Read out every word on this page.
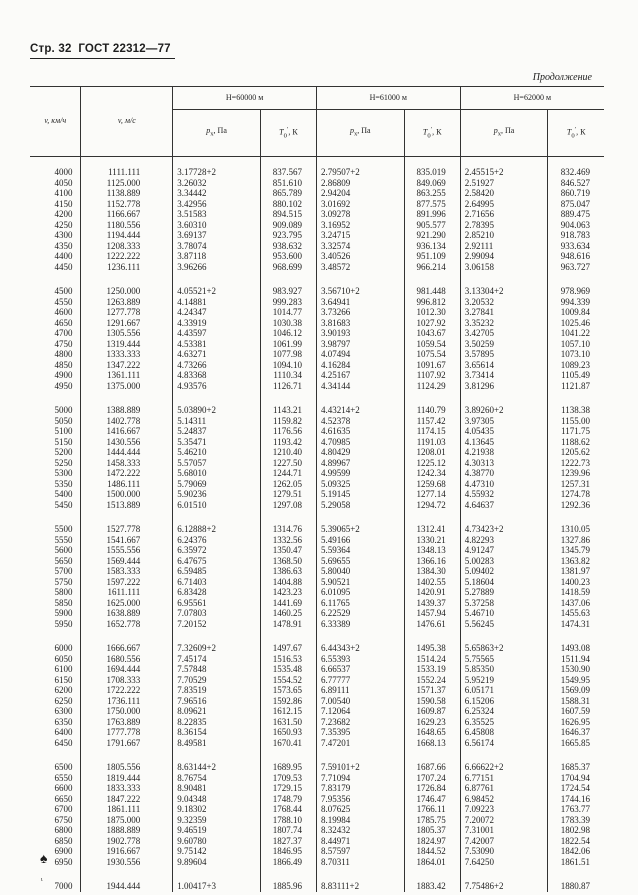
Стр. 32 ГОСТ 22312—77
Продолжение
v, км/ч	v, м/с	H=60000 м		H=61000 м		H=62000 м	
		$p_x$, Па	$T_0'$, К	$p_x$, Па	$T_0'$, К	$p_x$, Па	$T_0'$, К
4000	1111.111	3.17728+2	837.567	2.79507+2	835.019	2.45515+2	832.469
4050	1125.000	3.26032	851.610	2.86809	849.069	2.51927	846.527
4100	1138.889	3.34442	865.789	2.94204	863.255	2.58420	860.719
4150	1152.778	3.42956	880.102	3.01692	877.575	2.64995	875.047
4200	1166.667	3.51583	894.515	3.09278	891.996	2.71656	889.475
4250	1180.556	3.60310	909.089	3.16952	905.577	2.78395	904.063
4300	1194.444	3.69137	923.795	3.24715	921.290	2.85210	918.783
4350	1208.333	3.78074	938.632	3.32574	936.134	2.92111	933.634
4400	1222.222	3.87118	953.600	3.40526	951.109	2.99094	948.616
4450	1236.111	3.96266	968.699	3.48572	966.214	3.06158	963.727
4500	1250.000	4.05521+2	983.927	3.56710+2	981.448	3.13304+2	978.969
4550	1263.889	4.14881	999.283	3.64941	996.812	3.20532	994.339
4600	1277.778	4.24347	1014.77	3.73266	1012.30	3.27841	1009.84
4650	1291.667	4.33919	1030.38	3.81683	1027.92	3.35232	1025.46
4700	1305.556	4.43597	1046.12	3.90193	1043.67	3.42705	1041.22
4750	1319.444	4.53381	1061.99	3.98797	1059.54	3.50259	1057.10
4800	1333.333	4.63271	1077.98	4.07494	1075.54	3.57895	1073.10
4850	1347.222	4.73266	1094.10	4.16284	1091.67	3.65614	1089.23
4900	1361.111	4.83368	1110.34	4.25167	1107.92	3.73414	1105.49
4950	1375.000	4.93576	1126.71	4.34144	1124.29	3.81296	1121.87
5000	1388.889	5.03890+2	1143.21	4.43214+2	1140.79	3.89260+2	1138.38
5050	1402.778	5.14311	1159.82	4.52378	1157.42	3.97305	1155.00
5100	1416.667	5.24837	1176.56	4.61635	1174.15	4.05435	1171.75
5150	1430.556	5.35471	1193.42	4.70985	1191.03	4.13645	1188.62
5200	1444.444	5.46210	1210.40	4.80429	1208.01	4.21938	1205.62
5250	1458.333	5.57057	1227.50	4.89967	1225.12	4.30313	1222.73
5300	1472.222	5.68010	1244.71	4.99599	1242.34	4.38770	1239.96
5350	1486.111	5.79069	1262.05	5.09325	1259.68	4.47310	1257.31
5400	1500.000	5.90236	1279.51	5.19145	1277.14	4.55932	1274.78
5450	1513.889	6.01510	1297.08	5.29058	1294.72	4.64637	1292.36
5500	1527.778	6.12888+2	1314.76	5.39065+2	1312.41	4.73423+2	1310.05
5550	1541.667	6.24376	1332.56	5.49166	1330.21	4.82293	1327.86
5600	1555.556	6.35972	1350.47	5.59364	1348.13	4.91247	1345.79
5650	1569.444	6.47675	1368.50	5.69655	1366.16	5.00283	1363.82
5700	1583.333	6.59485	1386.63	5.80040	1384.30	5.09402	1381.97
5750	1597.222	6.71403	1404.88	5.90521	1402.55	5.18604	1400.23
5800	1611.111	6.83428	1423.23	6.01095	1420.91	5.27889	1418.59
5850	1625.000	6.95561	1441.69	6.11765	1439.37	5.37258	1437.06
5900	1638.889	7.07803	1460.25	6.22529	1457.94	5.46710	1455.63
5950	1652.778	7.20152	1478.91	6.33389	1476.61	5.56245	1474.31
6000	1666.667	7.32609+2	1497.67	6.44343+2	1495.38	5.65863+2	1493.08
6050	1680.556	7.45174	1516.53	6.55393	1514.24	5.75565	1511.94
6100	1694.444	7.57848	1535.48	6.66537	1533.19	5.85350	1530.90
6150	1708.333	7.70529	1554.52	6.77777	1552.24	5.95219	1549.95
6200	1722.222	7.83519	1573.65	6.89111	1571.37	6.05171	1569.09
6250	1736.111	7.96516	1592.86	7.00540	1590.58	6.15206	1588.31
6300	1750.000	8.09621	1612.15	7.12064	1609.87	6.25324	1607.59
6350	1763.889	8.22835	1631.50	7.23682	1629.23	6.35525	1626.95
6400	1777.778	8.36154	1650.93	7.35395	1648.65	6.45808	1646.37
6450	1791.667	8.49581	1670.41	7.47201	1668.13	6.56174	1665.85
6500	1805.556	8.63144+2	1689.95	7.59101+2	1687.66	6.66622+2	1685.37
6550	1819.444	8.76754	1709.53	7.71094	1707.24	6.77151	1704.94
6600	1833.333	8.90481	1729.15	7.83179	1726.84	6.87761	1724.54
6650	1847.222	9.04348	1748.79	7.95356	1746.47	6.98452	1744.16
6700	1861.111	9.18302	1768.44	8.07625	1766.11	7.09223	1763.77
6750	1875.000	9.32359	1788.10	8.19984	1785.75	7.20072	1783.39
6800	1888.889	9.46519	1807.74	8.32432	1805.37	7.31001	1802.98
6850	1902.778	9.60780	1827.37	8.44971	1824.97	7.42007	1822.54
6900	1916.667	9.75142	1846.95	8.57597	1844.52	7.53090	1842.06
6950	1930.556	9.89604	1866.49	8.70311	1864.01	7.64250	1861.51
7000	1944.444	1.00417+3	1885.96	8.83111+2	1883.42	7.75486+2	1880.87
♠
ι
